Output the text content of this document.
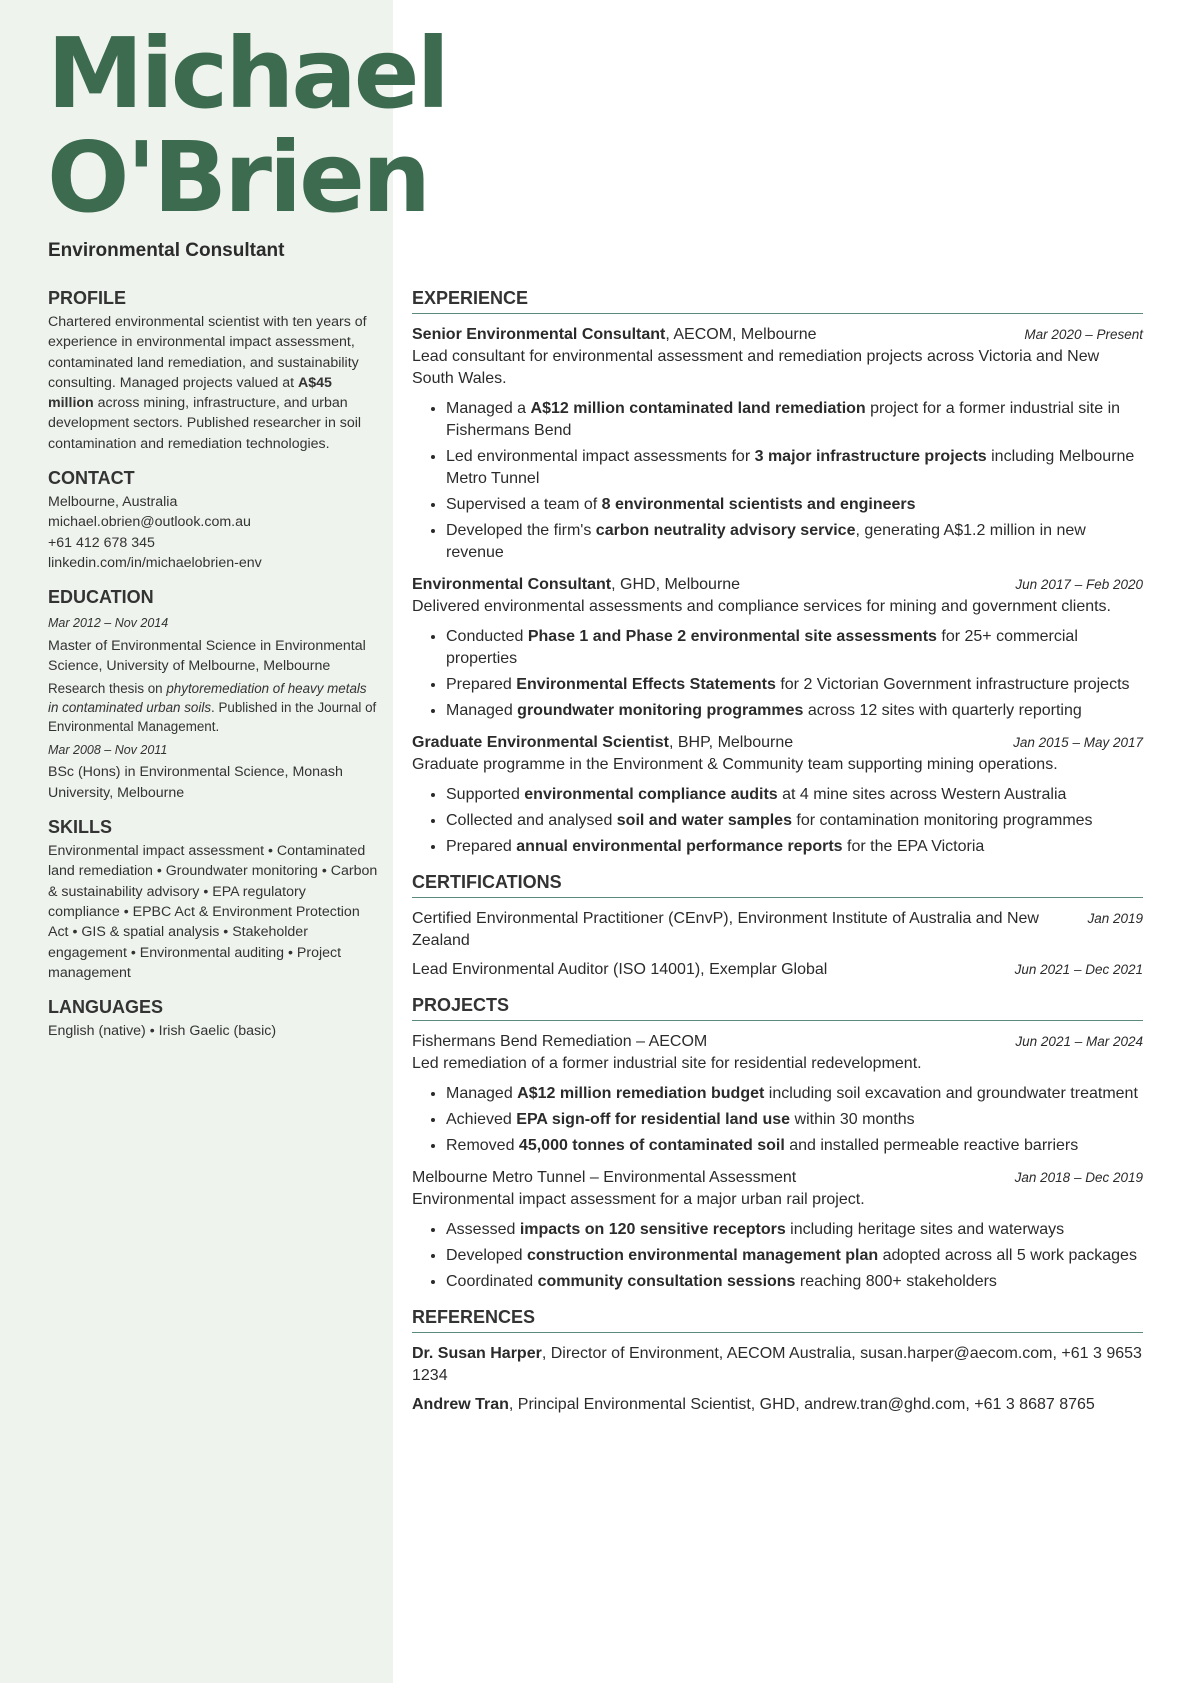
Michael
O'Brien
Environmental Consultant
PROFILE

Chartered environmental scientist with ten years of experience in environmental impact assessment, contaminated land remediation, and sustainability consulting. Managed projects valued at A$45 million across mining, infrastructure, and urban development sectors. Published researcher in soil contamination and remediation technologies.

CONTACT

Melbourne, Australia

michael.obrien@outlook.com.au

+61 412 678 345

linkedin.com/in/michaelobrien-env

EDUCATION
Mar 2012 – Nov 2014

Master of Environmental Science in Environmental Science, University of Melbourne, Melbourne

Research thesis on phytoremediation of heavy metals in contaminated urban soils. Published in the Journal of Environmental Management.

Mar 2008 – Nov 2011

BSc (Hons) in Environmental Science, Monash University, Melbourne

SKILLS

Environmental impact assessment • Contaminated land remediation • Groundwater monitoring • Carbon & sustainability advisory • EPA regulatory compliance • EPBC Act & Environment Protection Act • GIS & spatial analysis • Stakeholder engagement • Environmental auditing • Project management

LANGUAGES

English (native) • Irish Gaelic (basic)

EXPERIENCE
Senior Environmental Consultant, AECOM, Melbourne	Mar 2020 – Present
Lead consultant for environmental assessment and remediation projects across Victoria and New South Wales.
• Managed a A$12 million contaminated land remediation project for a former industrial site in Fishermans Bend
• Led environmental impact assessments for 3 major infrastructure projects including Melbourne Metro Tunnel
• Supervised a team of 8 environmental scientists and engineers
• Developed the firm's carbon neutrality advisory service, generating A$1.2 million in new revenue
Environmental Consultant, GHD, Melbourne	Jun 2017 – Feb 2020
Delivered environmental assessments and compliance services for mining and government clients.
• Conducted Phase 1 and Phase 2 environmental site assessments for 25+ commercial properties
• Prepared Environmental Effects Statements for 2 Victorian Government infrastructure projects
• Managed groundwater monitoring programmes across 12 sites with quarterly reporting
Graduate Environmental Scientist, BHP, Melbourne	Jan 2015 – May 2017
Graduate programme in the Environment & Community team supporting mining operations.
• Supported environmental compliance audits at 4 mine sites across Western Australia
• Collected and analysed soil and water samples for contamination monitoring programmes
• Prepared annual environmental performance reports for the EPA Victoria
CERTIFICATIONS
Certified Environmental Practitioner (CEnvP), Environment Institute of Australia and New Zealand
Jan 2019
Lead Environmental Auditor (ISO 14001), Exemplar Global	Jun 2021 – Dec 2021
PROJECTS
Fishermans Bend Remediation – AECOM	Jun 2021 – Mar 2024
Led remediation of a former industrial site for residential redevelopment.
• Managed A$12 million remediation budget including soil excavation and groundwater treatment
• Achieved EPA sign-off for residential land use within 30 months
• Removed 45,000 tonnes of contaminated soil and installed permeable reactive barriers
Melbourne Metro Tunnel – Environmental Assessment	Jan 2018 – Dec 2019
Environmental impact assessment for a major urban rail project.
• Assessed impacts on 120 sensitive receptors including heritage sites and waterways
• Developed construction environmental management plan adopted across all 5 work packages
• Coordinated community consultation sessions reaching 800+ stakeholders
REFERENCES
Dr. Susan Harper, Director of Environment, AECOM Australia, susan.harper@aecom.com, +61 3 9653 1234
Andrew Tran, Principal Environmental Scientist, GHD, andrew.tran@ghd.com, +61 3 8687 8765
